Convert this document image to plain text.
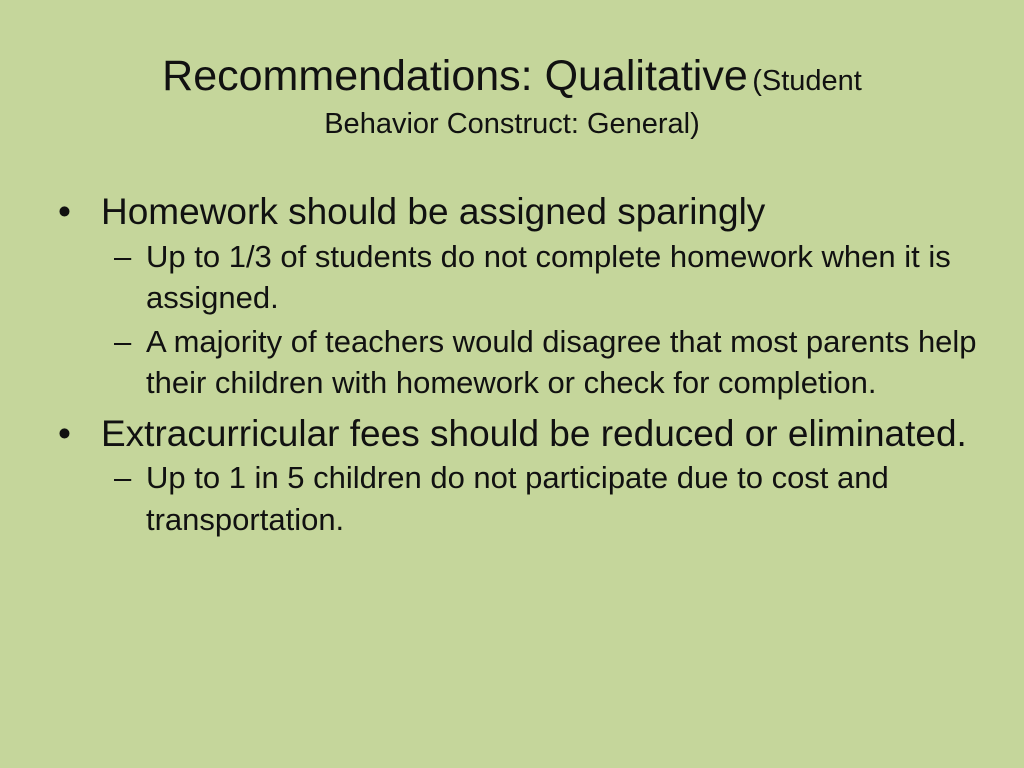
Recommendations: Qualitative (Student
Behavior Construct: General)
• Homework should be assigned sparingly
– Up to 1/3 of students do not complete homework when it is assigned.
– A majority of teachers would disagree that most parents help their children with homework or check for completion.
• Extracurricular fees should be reduced or eliminated.
– Up to 1 in 5 children do not participate due to cost and transportation.
